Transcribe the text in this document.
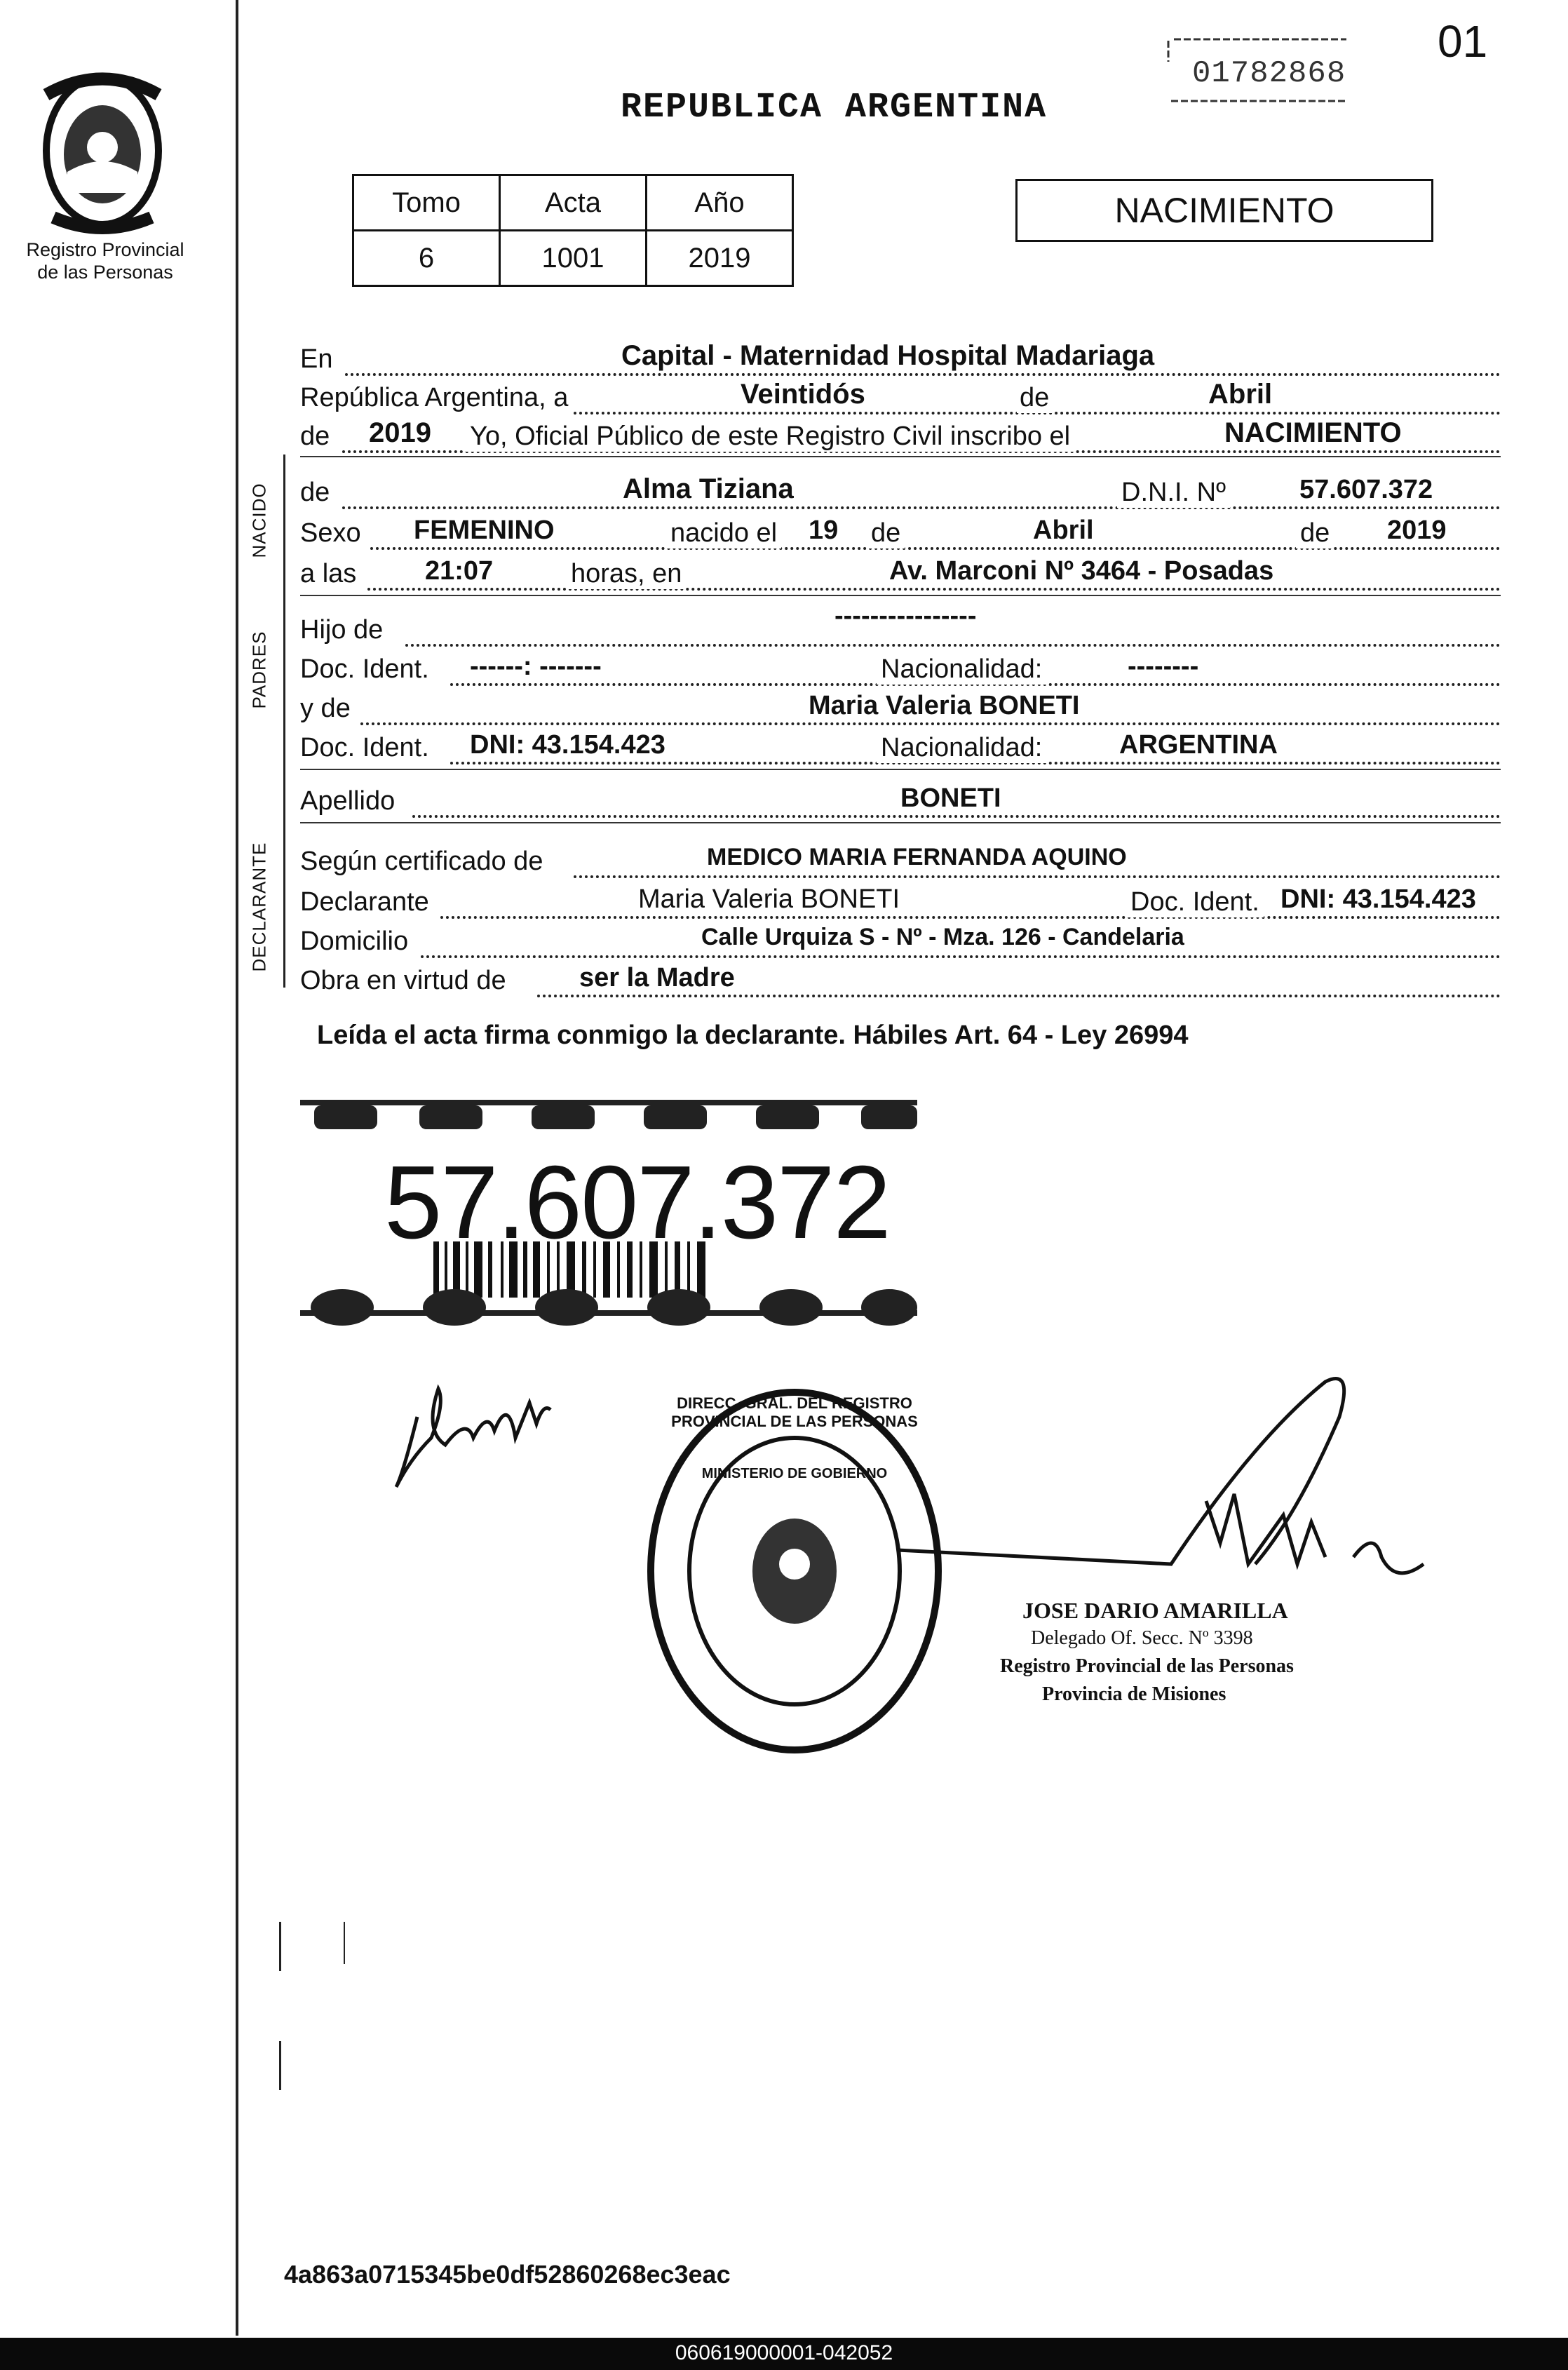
Registro Provincial
de las Personas
REPUBLICA ARGENTINA
01782868
01
Tomo	Acta	Año
6	1001	2019
NACIMIENTO
NACIDO
PADRES
DECLARANTE
En	Capital - Maternidad Hospital Madariaga
República Argentina, a	Veintidós	de	Abril
de 2019 Yo, Oficial Público de este Registro Civil inscribo el	NACIMIENTO
de	Alma Tiziana	D.N.I. Nº	57.607.372
Sexo FEMENINO	nacido el 19 de	Abril	de 2019
a las	21:07	horas, en	Av. Marconi Nº 3464 - Posadas
Hijo de	----------------
Doc. Ident. ------: -------	Nacionalidad:	--------
y de	Maria Valeria BONETI
Doc. Ident. DNI: 43.154.423	Nacionalidad:	ARGENTINA
Apellido	BONETI
Según certificado de	MEDICO MARIA FERNANDA AQUINO
Declarante	Maria Valeria BONETI	Doc. Ident. DNI: 43.154.423
Domicilio	Calle Urquiza S - Nº - Mza. 126 - Candelaria
Obra en virtud de	ser la Madre
Leída el acta firma conmigo la declarante. Hábiles Art. 64 - Ley 26994
57.607.372
DIRECC. GRAL. DEL REGISTRO PROVINCIAL DE LAS PERSONAS
MINISTERIO DE GOBIERNO
JOSE DARIO AMARILLA
Delegado Of. Secc. Nº 3398
Registro Provincial de las Personas
Provincia de Misiones
4a863a0715345be0df52860268ec3eac
060619000001-042052
